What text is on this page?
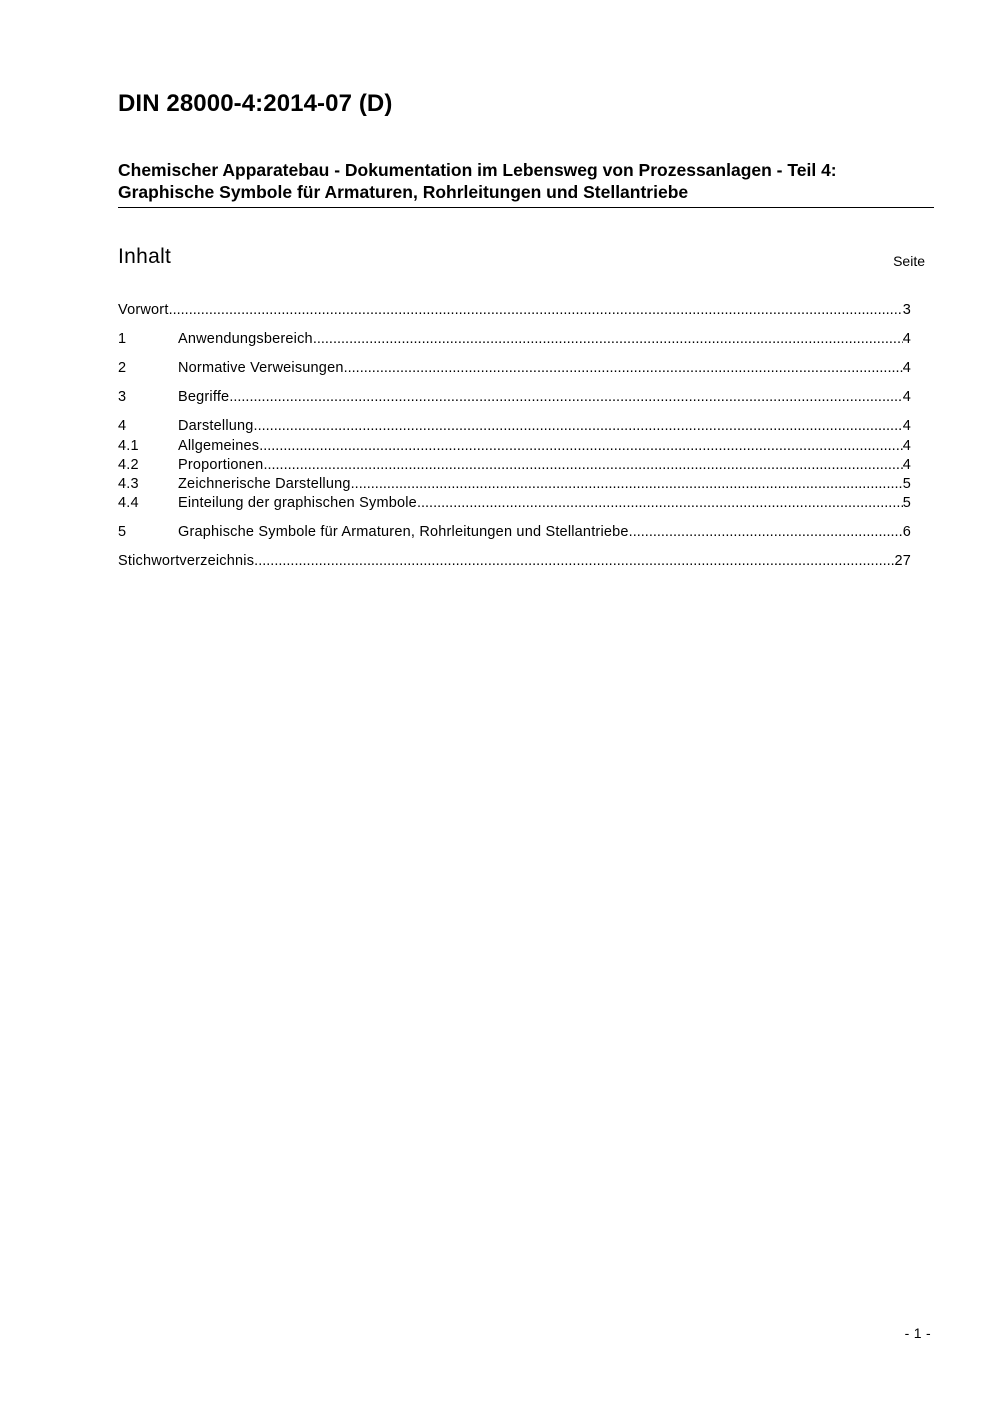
DIN 28000-4:2014-07 (D)
Chemischer Apparatebau - Dokumentation im Lebensweg von Prozessanlagen - Teil 4: Graphische Symbole für Armaturen, Rohrleitungen und Stellantriebe
Inhalt	Seite
Vorwort .....	3
1	Anwendungsbereich .....	4
2	Normative Verweisungen .....	4
3	Begriffe .....	4
4	Darstellung .....	4
4.1	Allgemeines .....	4
4.2	Proportionen .....	4
4.3	Zeichnerische Darstellung .....	5
4.4	Einteilung der graphischen Symbole .....	5
5	Graphische Symbole für Armaturen, Rohrleitungen und Stellantriebe .....	6
Stichwortverzeichnis .....	27
- 1 -
